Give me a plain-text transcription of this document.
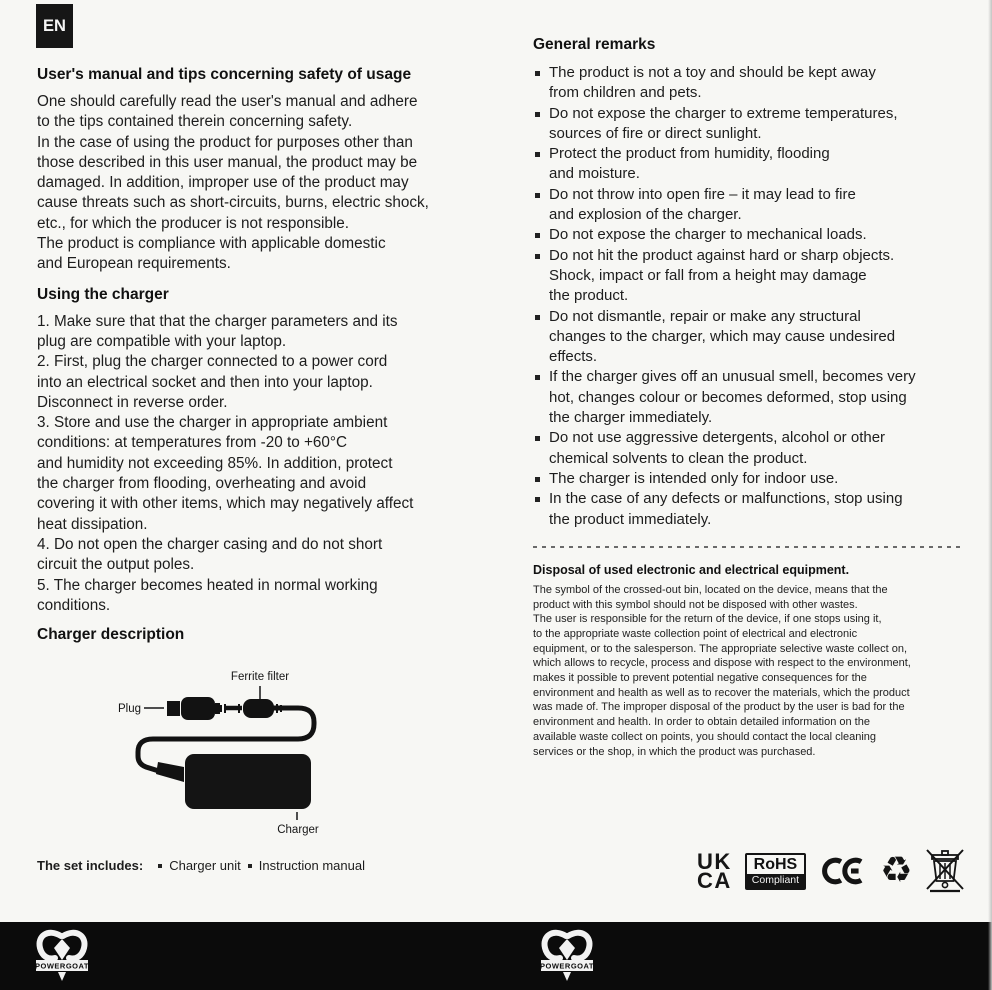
EN
User's manual and tips concerning safety of usage

One should carefully read the user's manual and adhere
to the tips contained therein concerning safety.
In the case of using the product for purposes other than
those described in this user manual, the product may be
damaged. In addition, improper use of the product may
cause threats such as short-circuits, burns, electric shock,
etc., for which the producer is not responsible.
The product is compliance with applicable domestic
and European requirements.

Using the charger

1. Make sure that that the charger parameters and its
plug are compatible with your laptop.
2. First, plug the charger connected to a power cord
into an electrical socket and then into your laptop.
Disconnect in reverse order.
3. Store and use the charger in appropriate ambient
conditions: at temperatures from -20 to +60°C
and humidity not exceeding 85%. In addition, protect
the charger from flooding, overheating and avoid
covering it with other items, which may negatively affect
heat dissipation.
4. Do not open the charger casing and do not short
circuit the output poles.
5. The charger becomes heated in normal working
conditions.

Charger description
Ferrite filter
Plug
Charger
The set includes: Charger unit Instruction manual
General remarks
The product is not a toy and should be kept away
from children and pets.
Do not expose the charger to extreme temperatures,
sources of fire or direct sunlight.
Protect the product from humidity, flooding
and moisture.
Do not throw into open fire – it may lead to fire
and explosion of the charger.
Do not expose the charger to mechanical loads.
Do not hit the product against hard or sharp objects.
Shock, impact or fall from a height may damage
the product.
Do not dismantle, repair or make any structural
changes to the charger, which may cause undesired
effects.
If the charger gives off an unusual smell, becomes very
hot, changes colour or becomes deformed, stop using
the charger immediately.
Do not use aggressive detergents, alcohol or other
chemical solvents to clean the product.
The charger is intended only for indoor use.
In the case of any defects or malfunctions, stop using
the product immediately.
Disposal of used electronic and electrical equipment.

The symbol of the crossed-out bin, located on the device, means that the
product with this symbol should not be disposed with other wastes.
The user is responsible for the return of the device, if one stops using it,
to the appropriate waste collection point of electrical and electronic
equipment, or to the salesperson. The appropriate selective waste collect on,
which allows to recycle, process and dispose with respect to the environment,
makes it possible to prevent potential negative consequences for the
environment and health as well as to recover the materials, which the product
was made of. The improper disposal of the product by the user is bad for the
environment and health. In order to obtain detailed information on the
available waste collect on points, you should contact the local cleaning
services or the shop, in which the product was purchased.

UK
CA
RoHS
Compliant ♻
POWERGOAT	POWERGOAT
